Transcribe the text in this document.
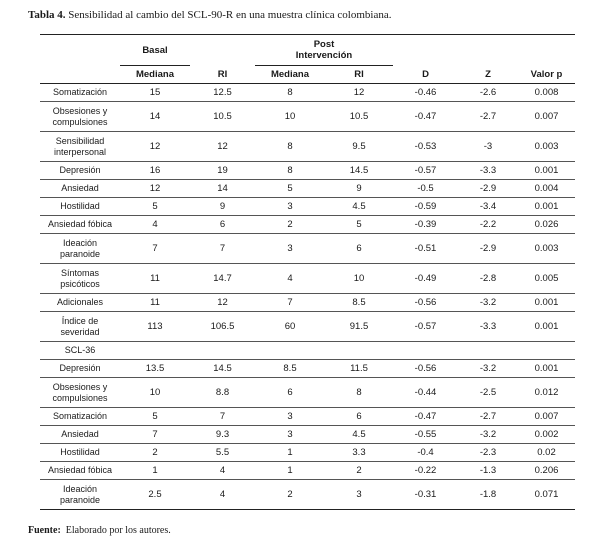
Tabla 4. Sensibilidad al cambio del SCL-90-R en una muestra clínica colombiana.
	Basal		Post
Intervención				
	Mediana	RI	Mediana	RI	D	Z	Valor p
Somatización	15	12.5	8	12	-0.46	-2.6	0.008
Obsesiones y
compulsiones	14	10.5	10	10.5	-0.47	-2.7	0.007
Sensibilidad
interpersonal	12	12	8	9.5	-0.53	-3	0.003
Depresión	16	19	8	14.5	-0.57	-3.3	0.001
Ansiedad	12	14	5	9	-0.5	-2.9	0.004
Hostilidad	5	9	3	4.5	-0.59	-3.4	0.001
Ansiedad fóbica	4	6	2	5	-0.39	-2.2	0.026
Ideación
paranoide	7	7	3	6	-0.51	-2.9	0.003
Síntomas
psicóticos	11	14.7	4	10	-0.49	-2.8	0.005
Adicionales	11	12	7	8.5	-0.56	-3.2	0.001
Índice de
severidad	113	106.5	60	91.5	-0.57	-3.3	0.001
SCL-36							
Depresión	13.5	14.5	8.5	11.5	-0.56	-3.2	0.001
Obsesiones y
compulsiones	10	8.8	6	8	-0.44	-2.5	0.012
Somatización	5	7	3	6	-0.47	-2.7	0.007
Ansiedad	7	9.3	3	4.5	-0.55	-3.2	0.002
Hostilidad	2	5.5	1	3.3	-0.4	-2.3	0.02
Ansiedad fóbica	1	4	1	2	-0.22	-1.3	0.206
Ideación
paranoide	2.5	4	2	3	-0.31	-1.8	0.071
Fuente: Elaborado por los autores.
